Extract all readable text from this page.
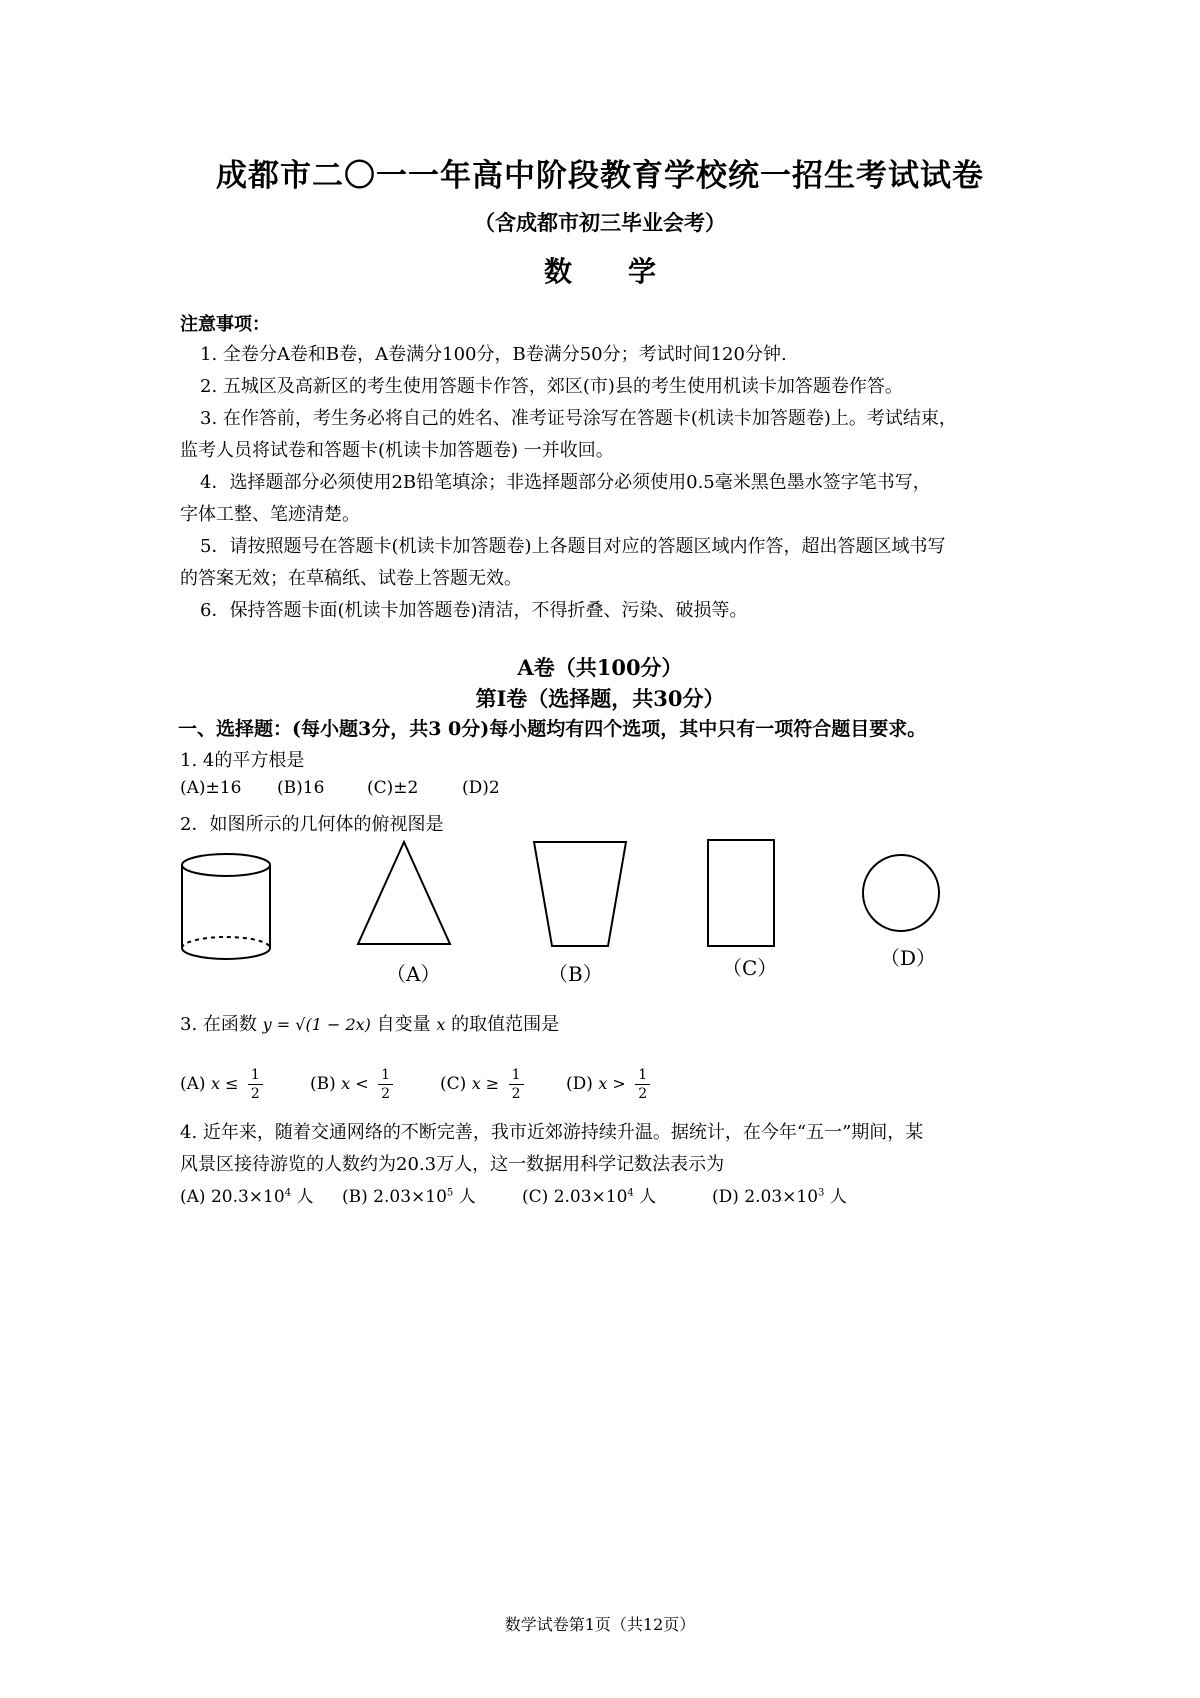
成都市二〇一一年高中阶段教育学校统一招生考试试卷
（含成都市初三毕业会考）
数 学
注意事项：
1. 全卷分A卷和B卷，A卷满分100分，B卷满分50分；考试时间120分钟.
2. 五城区及高新区的考生使用答题卡作答，郊区(市)县的考生使用机读卡加答题卷作答。
3. 在作答前，考生务必将自己的姓名、准考证号涂写在答题卡(机读卡加答题卷)上。考试结束，
监考人员将试卷和答题卡(机读卡加答题卷) 一并收回。
4．选择题部分必须使用2B铅笔填涂；非选择题部分必须使用0.5毫米黑色墨水签字笔书写，
字体工整、笔迹清楚。
5．请按照题号在答题卡(机读卡加答题卷)上各题目对应的答题区域内作答，超出答题区域书写
的答案无效；在草稿纸、试卷上答题无效。
6．保持答题卡面(机读卡加答题卷)清洁，不得折叠、污染、破损等。
A卷（共100分）
第Ⅰ卷（选择题，共30分）
一、选择题：(每小题3分，共3 0分)每小题均有四个选项，其中只有一项符合题目要求。
1. 4的平方根是
(A)±16 (B)16	(C)±2	(D)2
2．如图所示的几何体的俯视图是
（A）	（B）	（C）	（D）
3. 在函数 y = √(1 − 2x) 自变量 x 的取值范围是
(A) $x \le \frac{1}{2}$	(B) $x < \frac{1}{2}$	(C) $x \ge \frac{1}{2} (D) x > \frac{1}{2}$
4. 近年来，随着交通网络的不断完善，我市近郊游持续升温。据统计，在今年“五一”期间，某
风景区接待游览的人数约为20.3万人，这一数据用科学记数法表示为
(A) $20.3\times 10^4$ 人 (B) $2.03\times 10^5$ 人	(C) $2.03\times 10^4$ 人	(D) $2.03\times 10^3$ 人
数学试卷第1页（共12页）
